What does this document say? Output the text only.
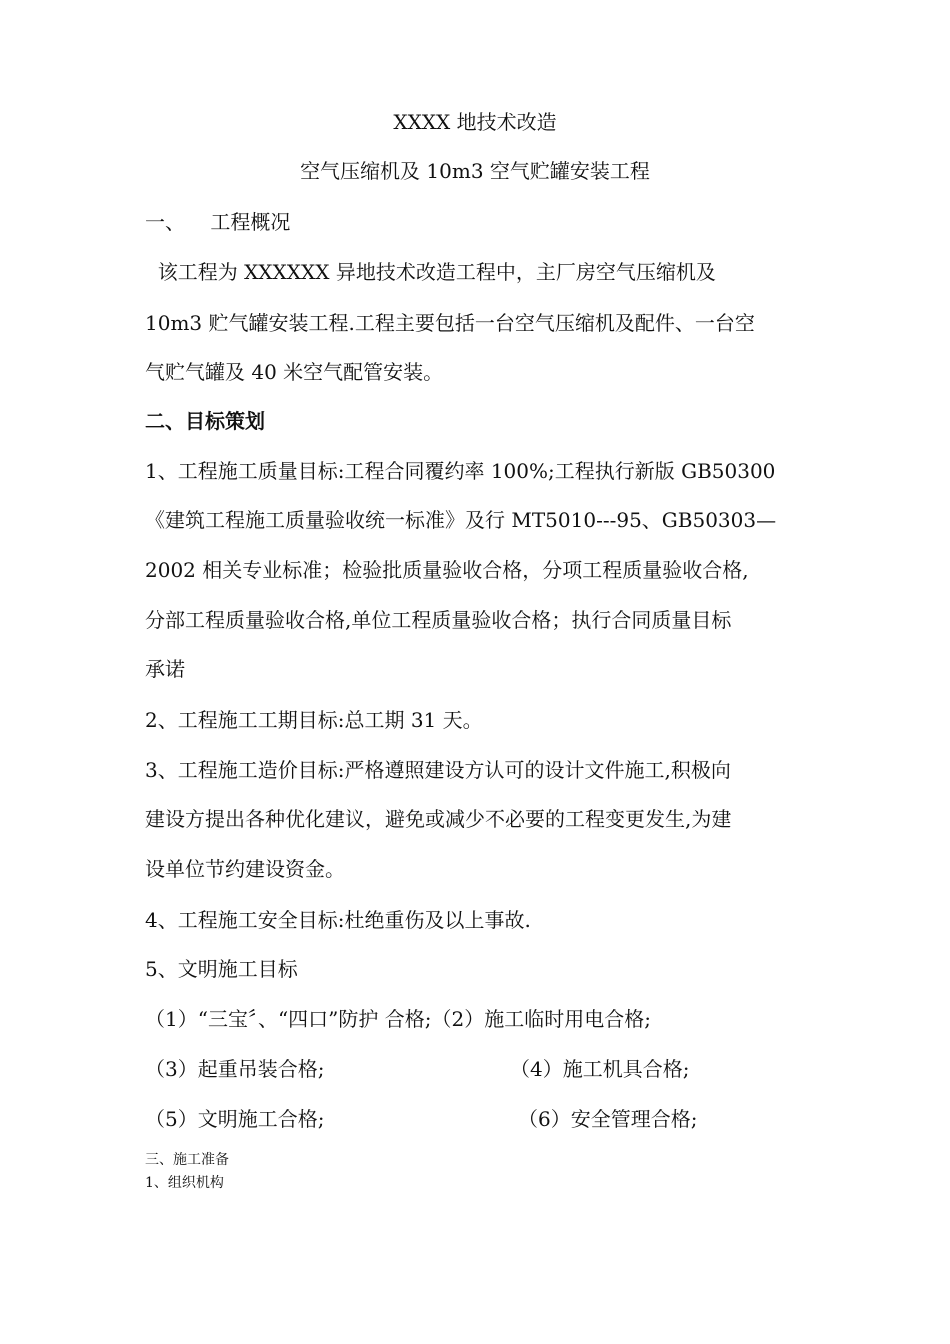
XXXX 地技术改造
空气压缩机及 10m3 空气贮罐安装工程
一、    工程概况
该工程为 XXXXXX 异地技术改造工程中，主厂房空气压缩机及
10m3 贮气罐安装工程.工程主要包括一台空气压缩机及配件、一台空
气贮气罐及 40 米空气配管安装。
二、目标策划
1、工程施工质量目标:工程合同覆约率 100%;工程执行新版 GB50300
《建筑工程施工质量验收统一标准》及行 MT5010---95、GB50303—
2002 相关专业标准；检验批质量验收合格，分项工程质量验收合格,
分部工程质量验收合格,单位工程质量验收合格；执行合同质量目标
承诺
2、工程施工工期目标:总工期 31 天。
3、工程施工造价目标:严格遵照建设方认可的设计文件施工,积极向
建设方提出各种优化建议，避免或减少不必要的工程变更发生,为建
设单位节约建设资金。
4、工程施工安全目标:杜绝重伤及以上事故.
5、文明施工目标
（1）“三宝〞、“四口”防护 合格;（2）施工临时用电合格;
（3）起重吊装合格;	（4）施工机具合格;
（5）文明施工合格;	（6）安全管理合格;
三、施工准备
1、组织机构
